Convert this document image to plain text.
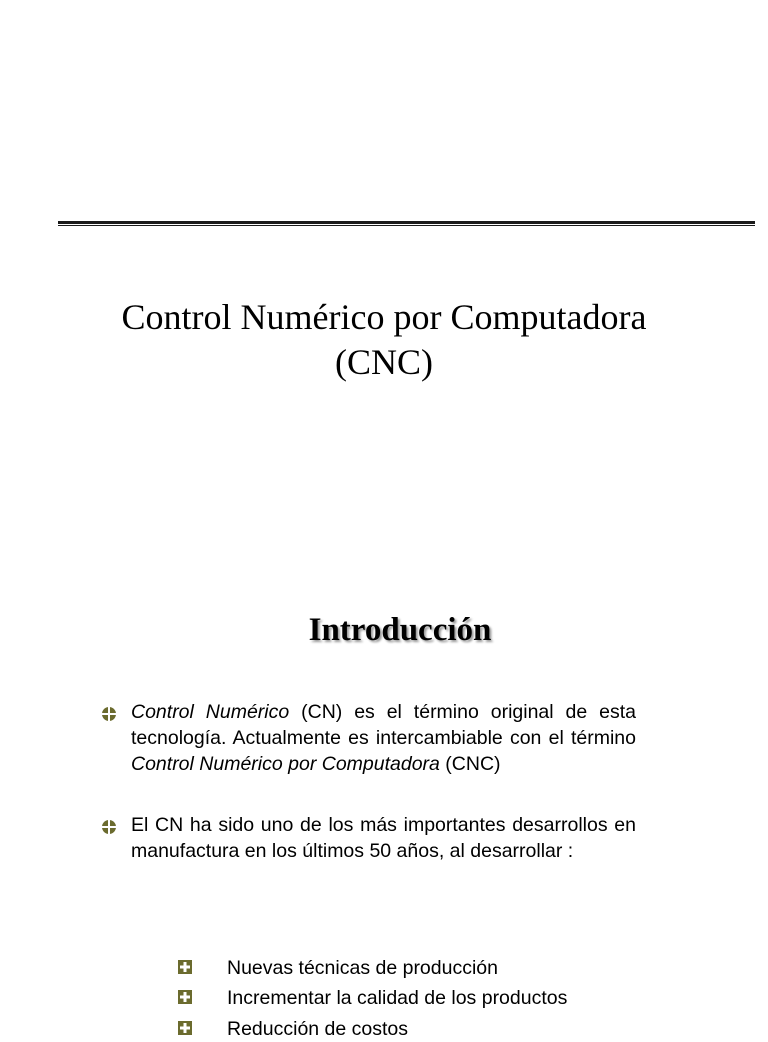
Control Numérico por Computadora
(CNC)
Introducción
Control Numérico (CN) es el término original de esta tecnología. Actualmente es intercambiable con el término Control Numérico por Computadora (CNC)
El CN ha sido uno de los más importantes desarrollos en manufactura en los últimos 50 años, al desarrollar :
Nuevas técnicas de producción
Incrementar la calidad de los productos
Reducción de costos
